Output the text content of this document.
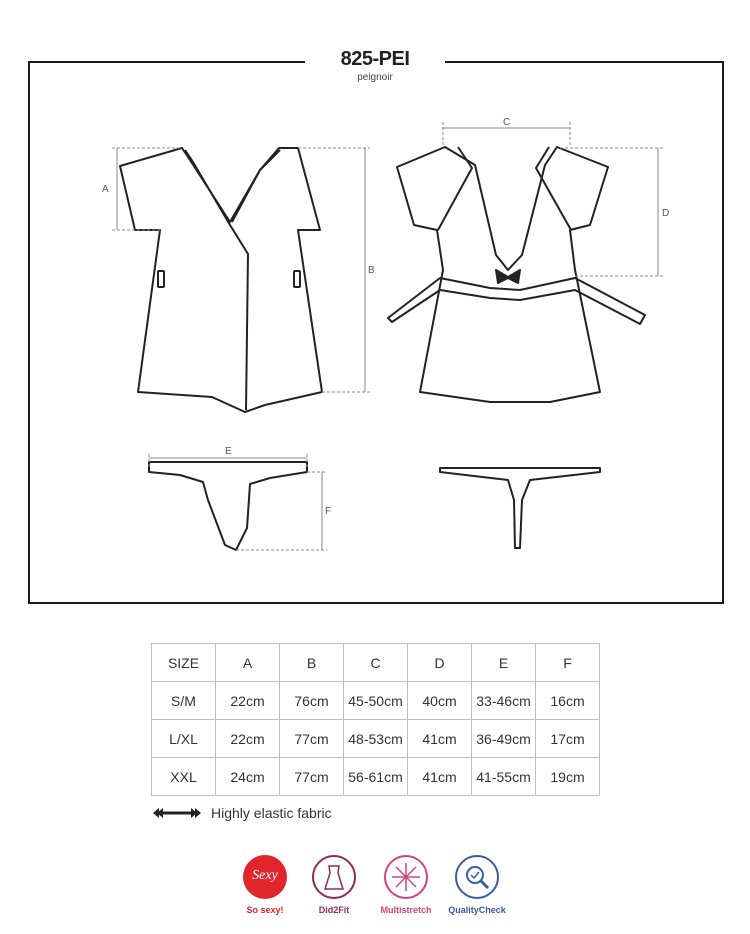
825-PEI
peignoir
A
B
C
D
E
F
SIZE	A	B	C	D	E	F
S/M	22cm	76cm	45-50cm	40cm	33-46cm	16cm
L/XL	22cm	77cm	48-53cm	41cm	36-49cm	17cm
XXL	24cm	77cm	56-61cm	41cm	41-55cm	19cm
Highly elastic fabric
Sexy
So sexy!	Did2Fit	Multistretch	QualityCheck
